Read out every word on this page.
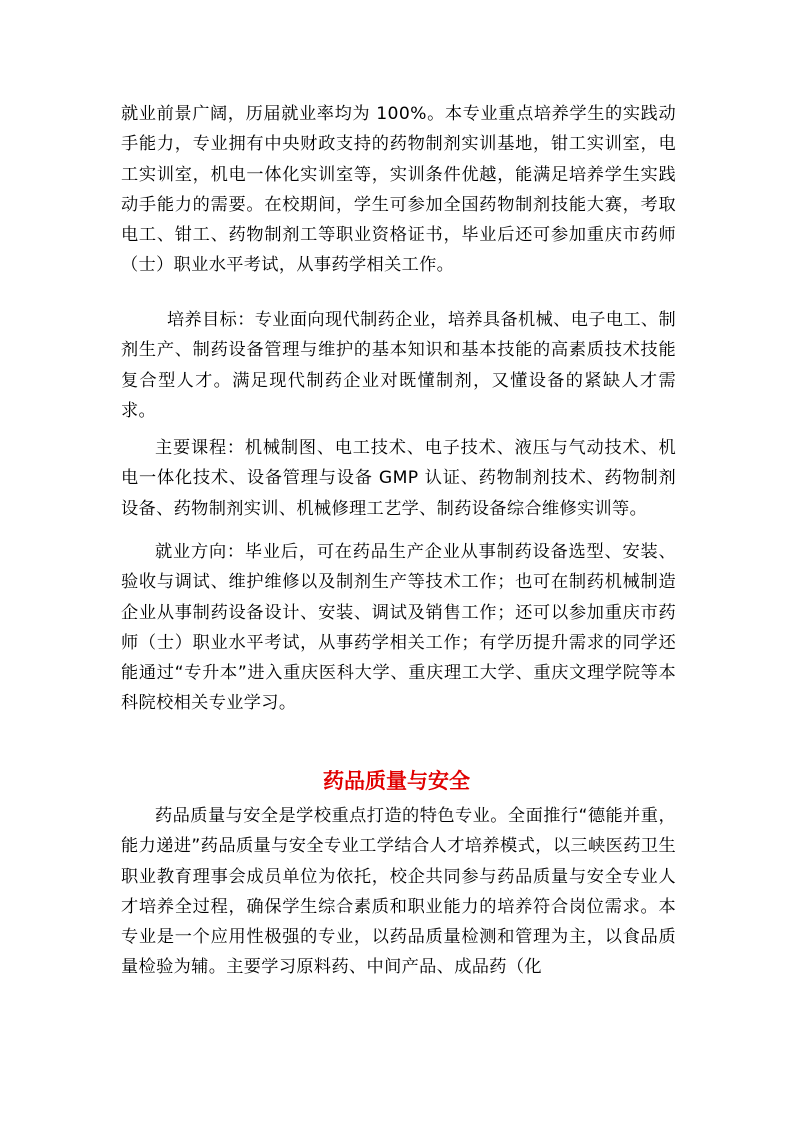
就业前景广阔，历届就业率均为 100%。本专业重点培养学生的实践动手能力，专业拥有中央财政支持的药物制剂实训基地，钳工实训室，电工实训室，机电一体化实训室等，实训条件优越，能满足培养学生实践动手能力的需要。在校期间，学生可参加全国药物制剂技能大赛，考取电工、钳工、药物制剂工等职业资格证书，毕业后还可参加重庆市药师（士）职业水平考试，从事药学相关工作。

培养目标：专业面向现代制药企业，培养具备机械、电子电工、制剂生产、制药设备管理与维护的基本知识和基本技能的高素质技术技能复合型人才。满足现代制药企业对既懂制剂，又懂设备的紧缺人才需求。

主要课程：机械制图、电工技术、电子技术、液压与气动技术、机电一体化技术、设备管理与设备 GMP 认证、药物制剂技术、药物制剂设备、药物制剂实训、机械修理工艺学、制药设备综合维修实训等。

就业方向：毕业后，可在药品生产企业从事制药设备选型、安装、验收与调试、维护维修以及制剂生产等技术工作；也可在制药机械制造企业从事制药设备设计、安装、调试及销售工作；还可以参加重庆市药师（士）职业水平考试，从事药学相关工作；有学历提升需求的同学还能通过“专升本”进入重庆医科大学、重庆理工大学、重庆文理学院等本科院校相关专业学习。

药品质量与安全

药品质量与安全是学校重点打造的特色专业。全面推行“德能并重，能力递进”药品质量与安全专业工学结合人才培养模式，以三峡医药卫生职业教育理事会成员单位为依托，校企共同参与药品质量与安全专业人才培养全过程，确保学生综合素质和职业能力的培养符合岗位需求。本专业是一个应用性极强的专业，以药品质量检测和管理为主，以食品质量检验为辅。主要学习原料药、中间产品、成品药（化
